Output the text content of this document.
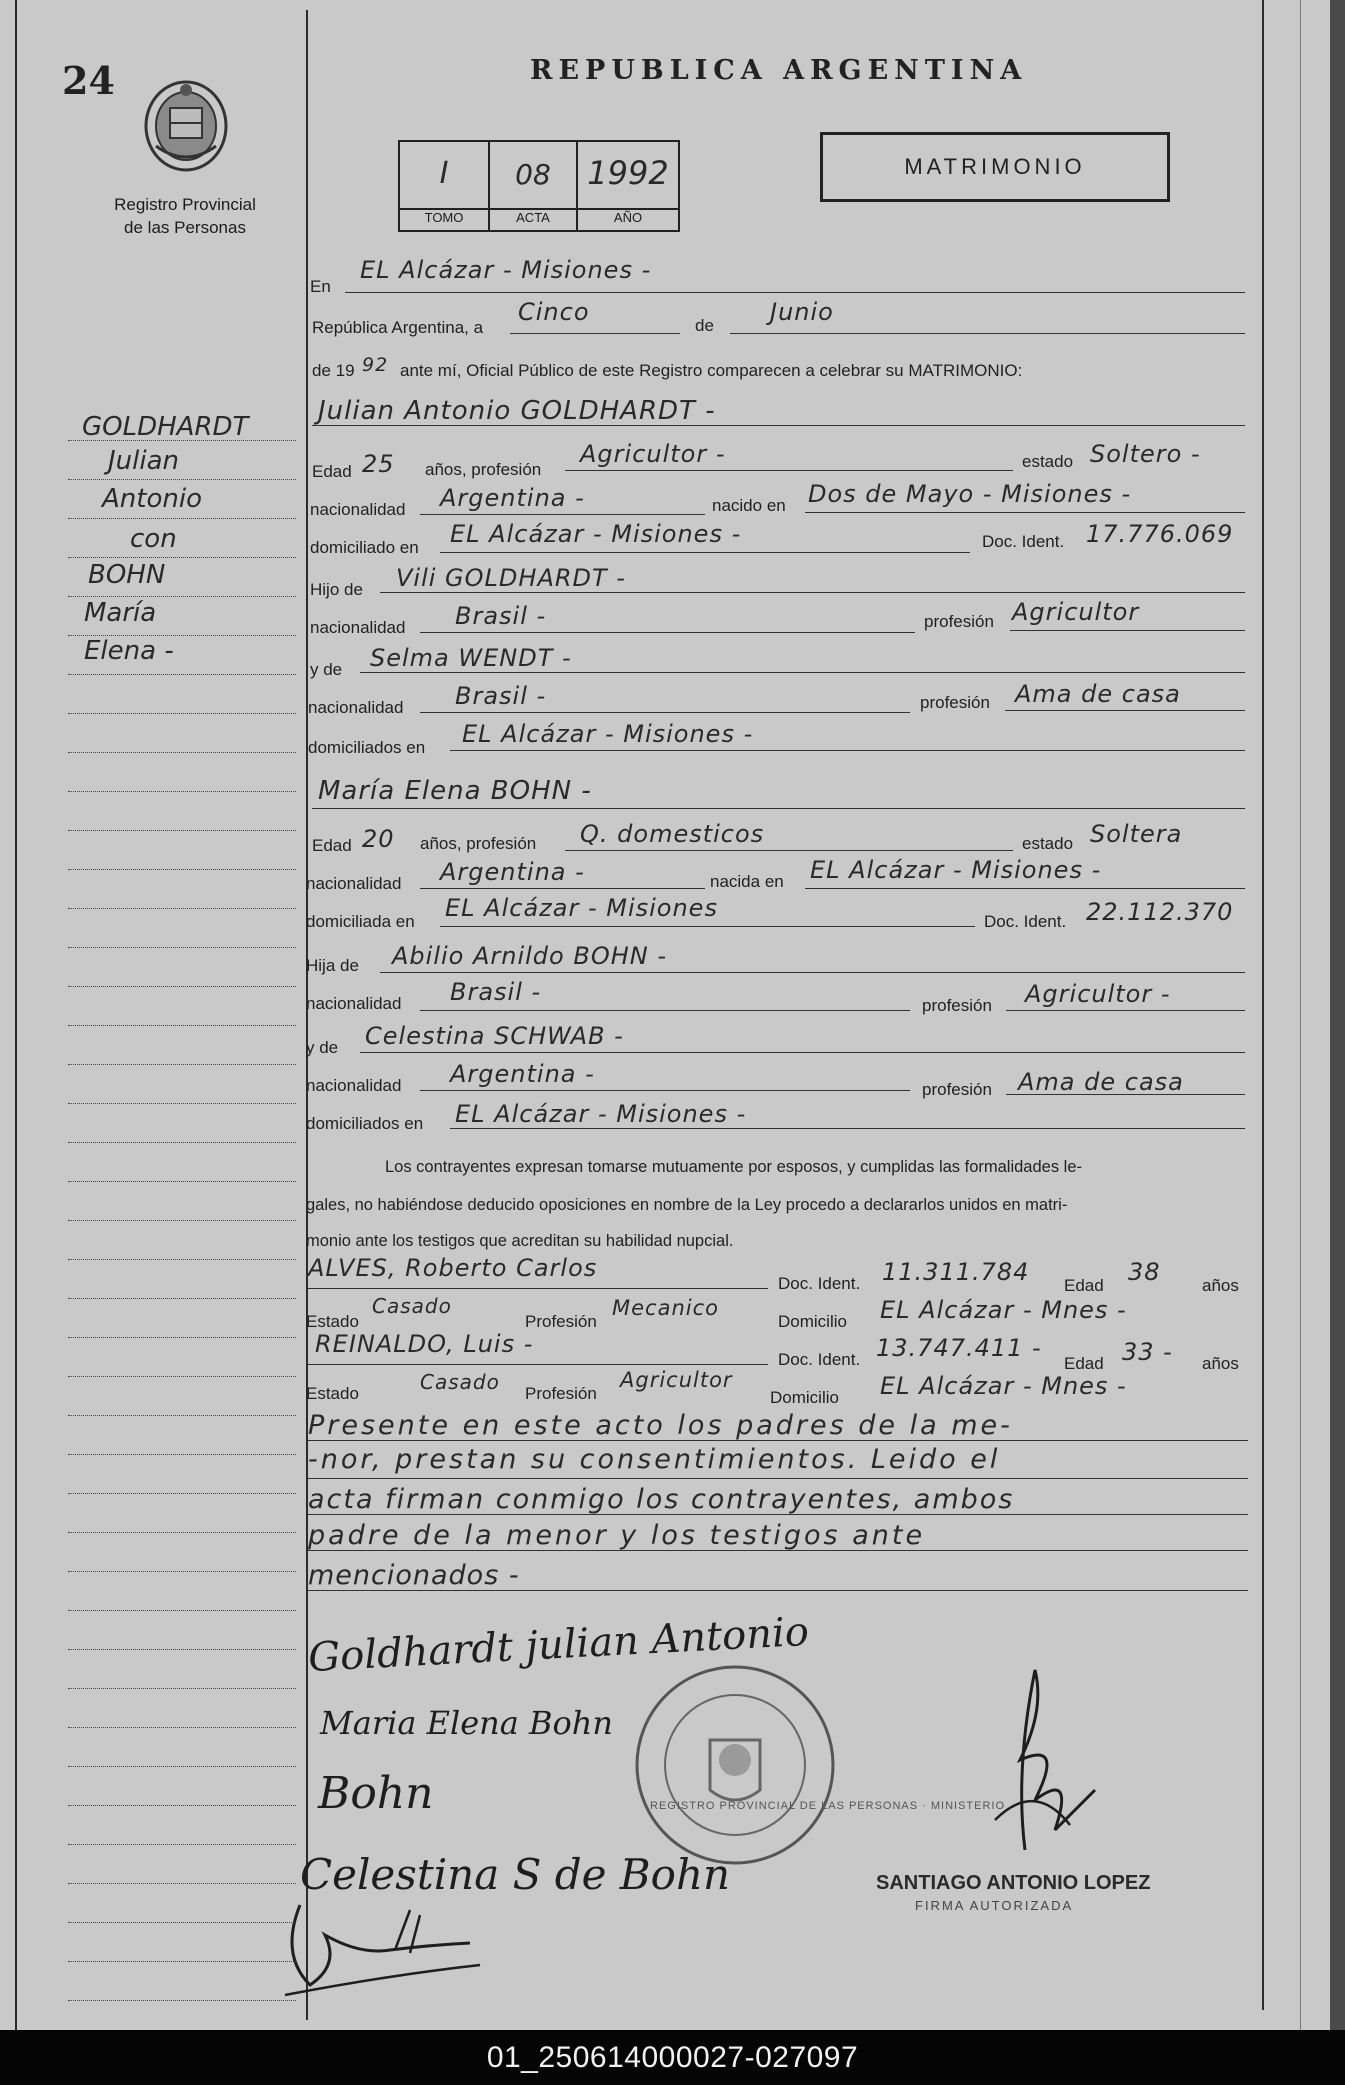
24
Registro Provincial
de las Personas
REPUBLICA ARGENTINA
I
TOMO
08
ACTA
1992
AÑO
MATRIMONIO
En
EL Alcázar - Misiones -
República Argentina, a
Cinco	de Junio
de 19 92 ante mí, Oficial Público de este Registro comparecen a celebrar su MATRIMONIO:
Julian Antonio GOLDHARDT -
Edad 25 años, profesión
Agricultor -	estado Soltero -
nacionalidad Argentina -	nacido en Dos de Mayo - Misiones -
domiciliado en EL Alcázar - Misiones -	Doc. Ident. 17.776.069
Hijo de Vili GOLDHARDT -
nacionalidad Brasil -	profesión Agricultor
y de Selma WENDT -
nacionalidad Brasil -	profesión Ama de casa
domiciliados en EL Alcázar - Misiones -
María Elena BOHN -
Edad 20 años, profesión Q. domesticos	estado Soltera
nacionalidad Argentina -	nacida en EL Alcázar - Misiones -
domiciliada en EL Alcázar - Misiones	Doc. Ident. 22.112.370
Hija de Abilio Arnildo BOHN -
nacionalidad Brasil -	profesión Agricultor -
y de Celestina SCHWAB -
nacionalidad Argentina -
profesión Ama de casa
domiciliados en EL Alcázar - Misiones -
Los contrayentes expresan tomarse mutuamente por esposos, y cumplidas las formalidades le-
gales, no habiéndose deducido oposiciones en nombre de la Ley procedo a declararlos unidos en matri-
monio ante los testigos que acreditan su habilidad nupcial.
ALVES, Roberto Carlos
Doc. Ident. 11.311.784 Edad 38 años
Estado
Casado
Profesión
Mecanico
Domicilio EL Alcázar - Mnes -
REINALDO, Luis -
Doc. Ident. 13.747.411 -
Edad 33 - años
Estado	Casado Profesión
Agricultor
Domicilio EL Alcázar - Mnes -
Presente en este acto los padres de la me-
-nor, prestan su consentimientos. Leido el
acta firman conmigo los contrayentes, ambos
padre de la menor y los testigos ante
mencionados -
Goldhardt julian Antonio
Maria Elena Bohn
Bohn
Celestina S de Bohn
REGISTRO PROVINCIAL DE LAS PERSONAS · MINISTERIO
SANTIAGO ANTONIO LOPEZ
FIRMA AUTORIZADA
GOLDHARDT
Julian
Antonio
con
BOHN
María
Elena -
01_250614000027-027097
